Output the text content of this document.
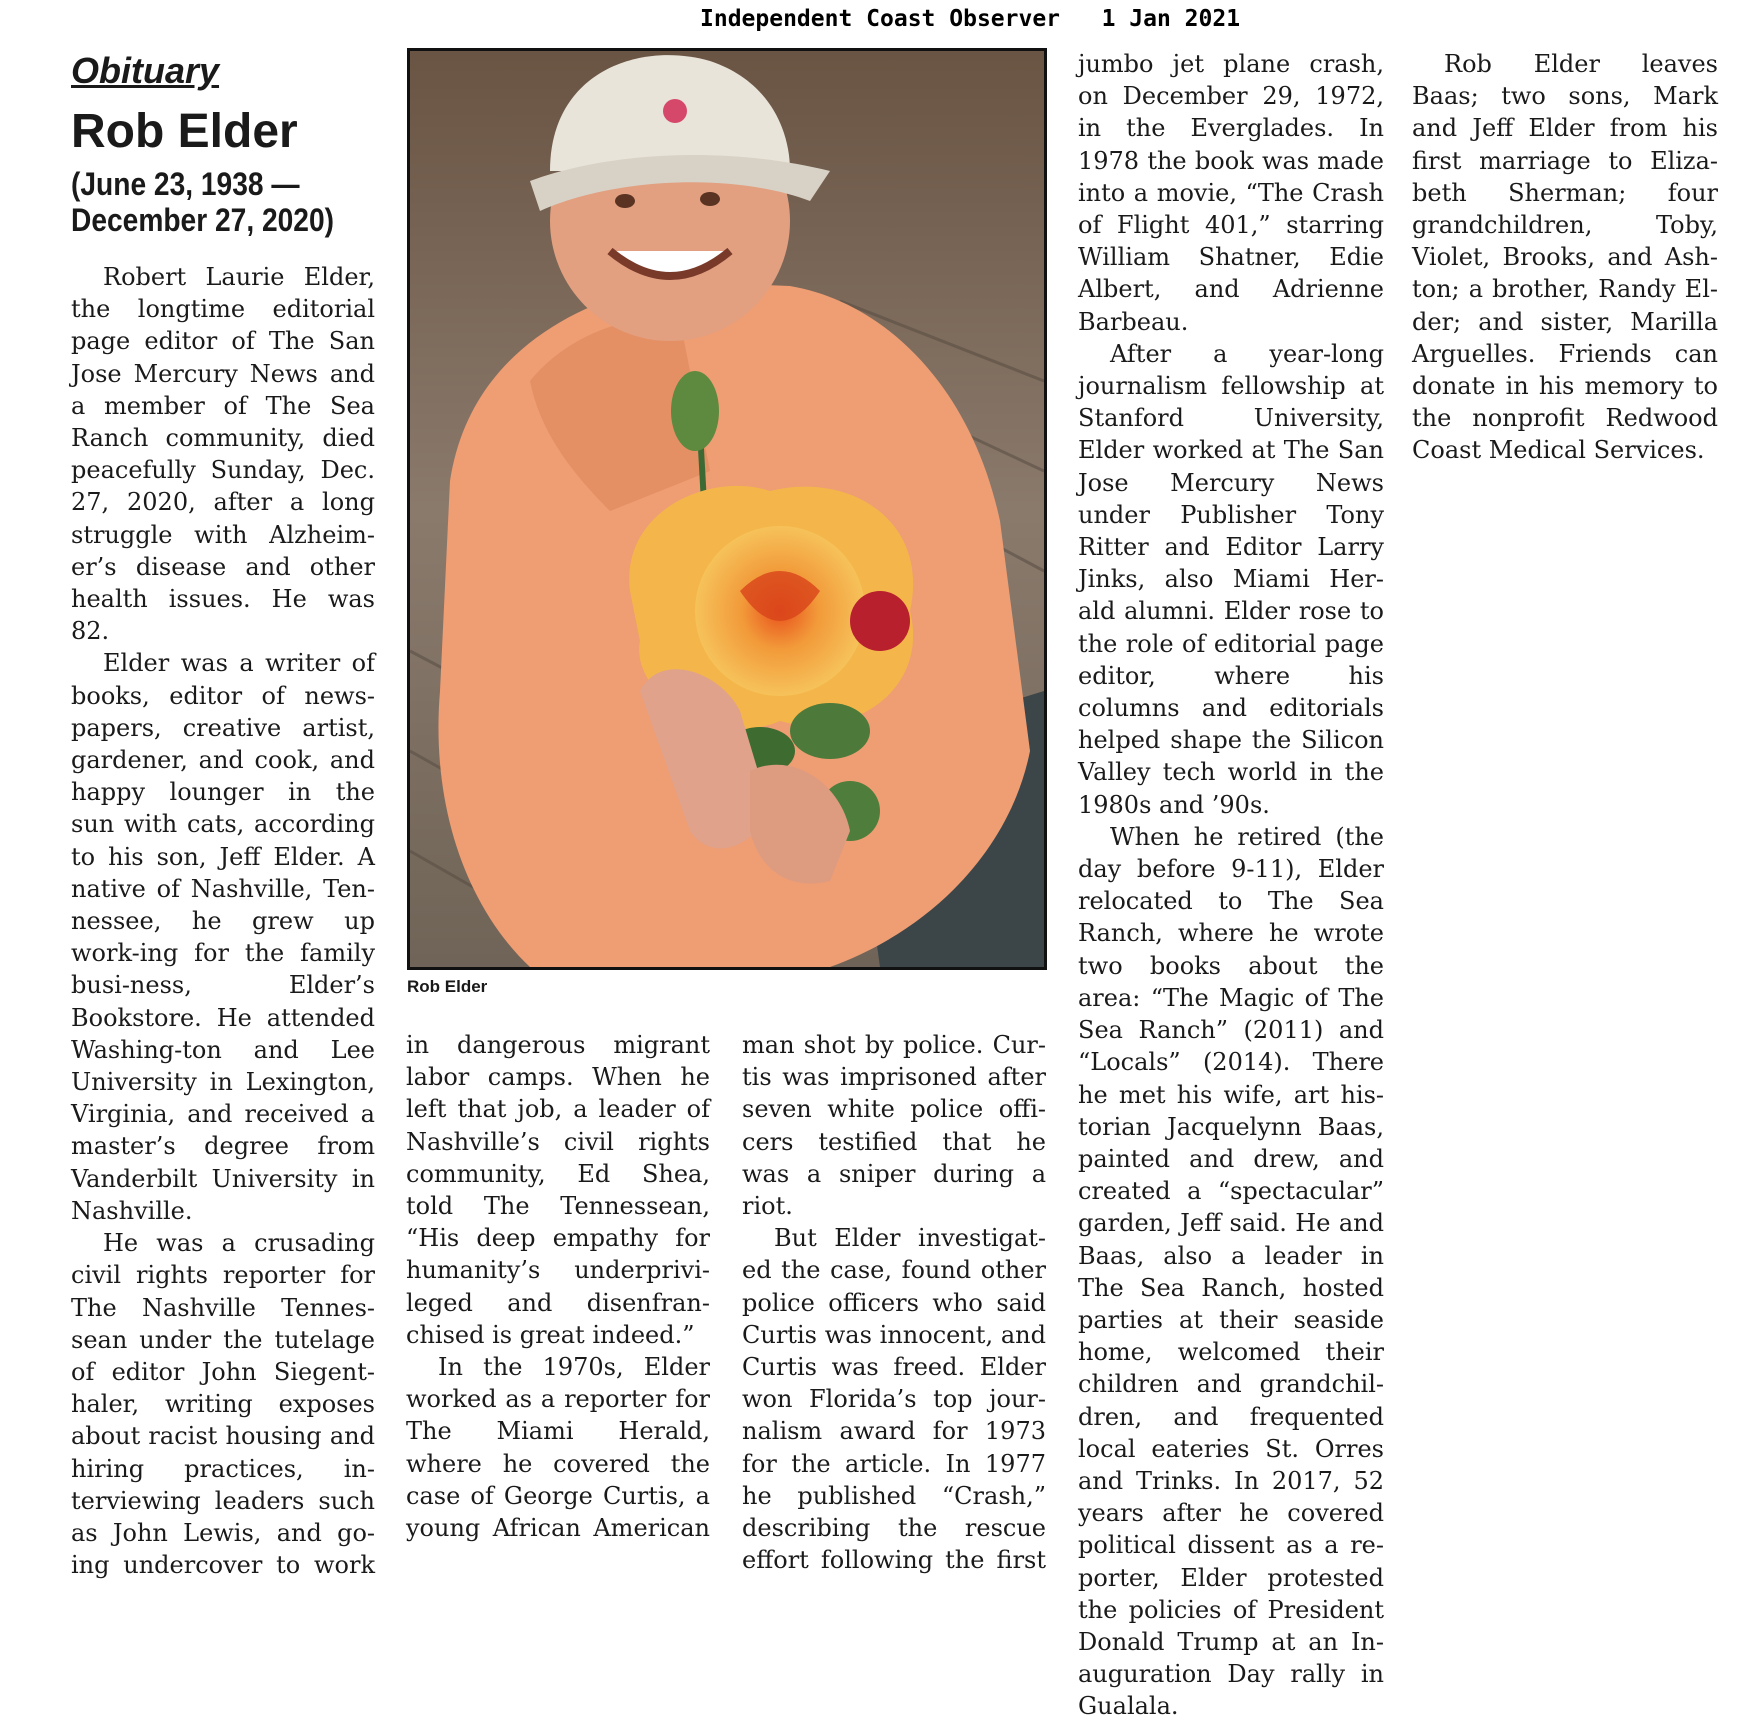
Independent Coast Observer 1 Jan 2021
Obituary
Rob Elder
(June 23, 1938 —
December 27, 2020)

Robert Laurie Elder, the longtime editorial page editor of The San Jose Mercury News and a member of The Sea Ranch community, died peacefully Sunday, Dec. 27, 2020, after a long struggle with Alzheim-er’s disease and other health issues. He was 82.

Elder was a writer of books, editor of news-papers, creative artist, gardener, and cook, and happy lounger in the sun with cats, according to his son, Jeff Elder. A native of Nashville, Ten-nessee, he grew up work-ing for the family busi-ness, Elder’s Bookstore. He attended Washing-ton and Lee University in Lexington, Virginia, and received a master’s degree from Vanderbilt University in Nashville.

He was a crusading civil rights reporter for The Nashville Tennes-sean under the tutelage of editor John Siegent-haler, writing exposes about racist housing and hiring practices, in-terviewing leaders such as John Lewis, and go-ing undercover to work

Rob Elder

in dangerous migrant labor camps. When he left that job, a leader of Nashville’s civil rights community, Ed Shea, told The Tennessean, “His deep empathy for humanity’s underprivi-leged and disenfran-chised is great indeed.”

In the 1970s, Elder worked as a reporter for The Miami Herald, where he covered the case of George Curtis, a young African American

man shot by police. Cur-tis was imprisoned after seven white police offi-cers testified that he was a sniper during a riot.

But Elder investigat-ed the case, found other police officers who said Curtis was innocent, and Curtis was freed. Elder won Florida’s top jour-nalism award for 1973 for the article. In 1977 he published “Crash,” describing the rescue effort following the first

jumbo jet plane crash, on December 29, 1972, in the Everglades. In 1978 the book was made into a movie, “The Crash of Flight 401,” starring William Shatner, Edie Albert, and Adrienne Barbeau.

After a year-long journalism fellowship at Stanford University, Elder worked at The San Jose Mercury News under Publisher Tony Ritter and Editor Larry Jinks, also Miami Her-ald alumni. Elder rose to the role of editorial page editor, where his columns and editorials helped shape the Silicon Valley tech world in the 1980s and ’90s.

When he retired (the day before 9-11), Elder relocated to The Sea Ranch, where he wrote two books about the area: “The Magic of The Sea Ranch” (2011) and “Locals” (2014). There he met his wife, art his-torian Jacquelynn Baas, painted and drew, and created a “spectacular” garden, Jeff said. He and Baas, also a leader in The Sea Ranch, hosted parties at their seaside home, welcomed their children and grandchil-dren, and frequented local eateries St. Orres and Trinks. In 2017, 52 years after he covered political dissent as a re-porter, Elder protested the policies of President Donald Trump at an In-auguration Day rally in Gualala.

Rob Elder leaves Baas; two sons, Mark and Jeff Elder from his first marriage to Eliza-beth Sherman; four grandchildren, Toby, Violet, Brooks, and Ash-ton; a brother, Randy El-der; and sister, Marilla Arguelles. Friends can donate in his memory to the nonprofit Redwood Coast Medical Services.
